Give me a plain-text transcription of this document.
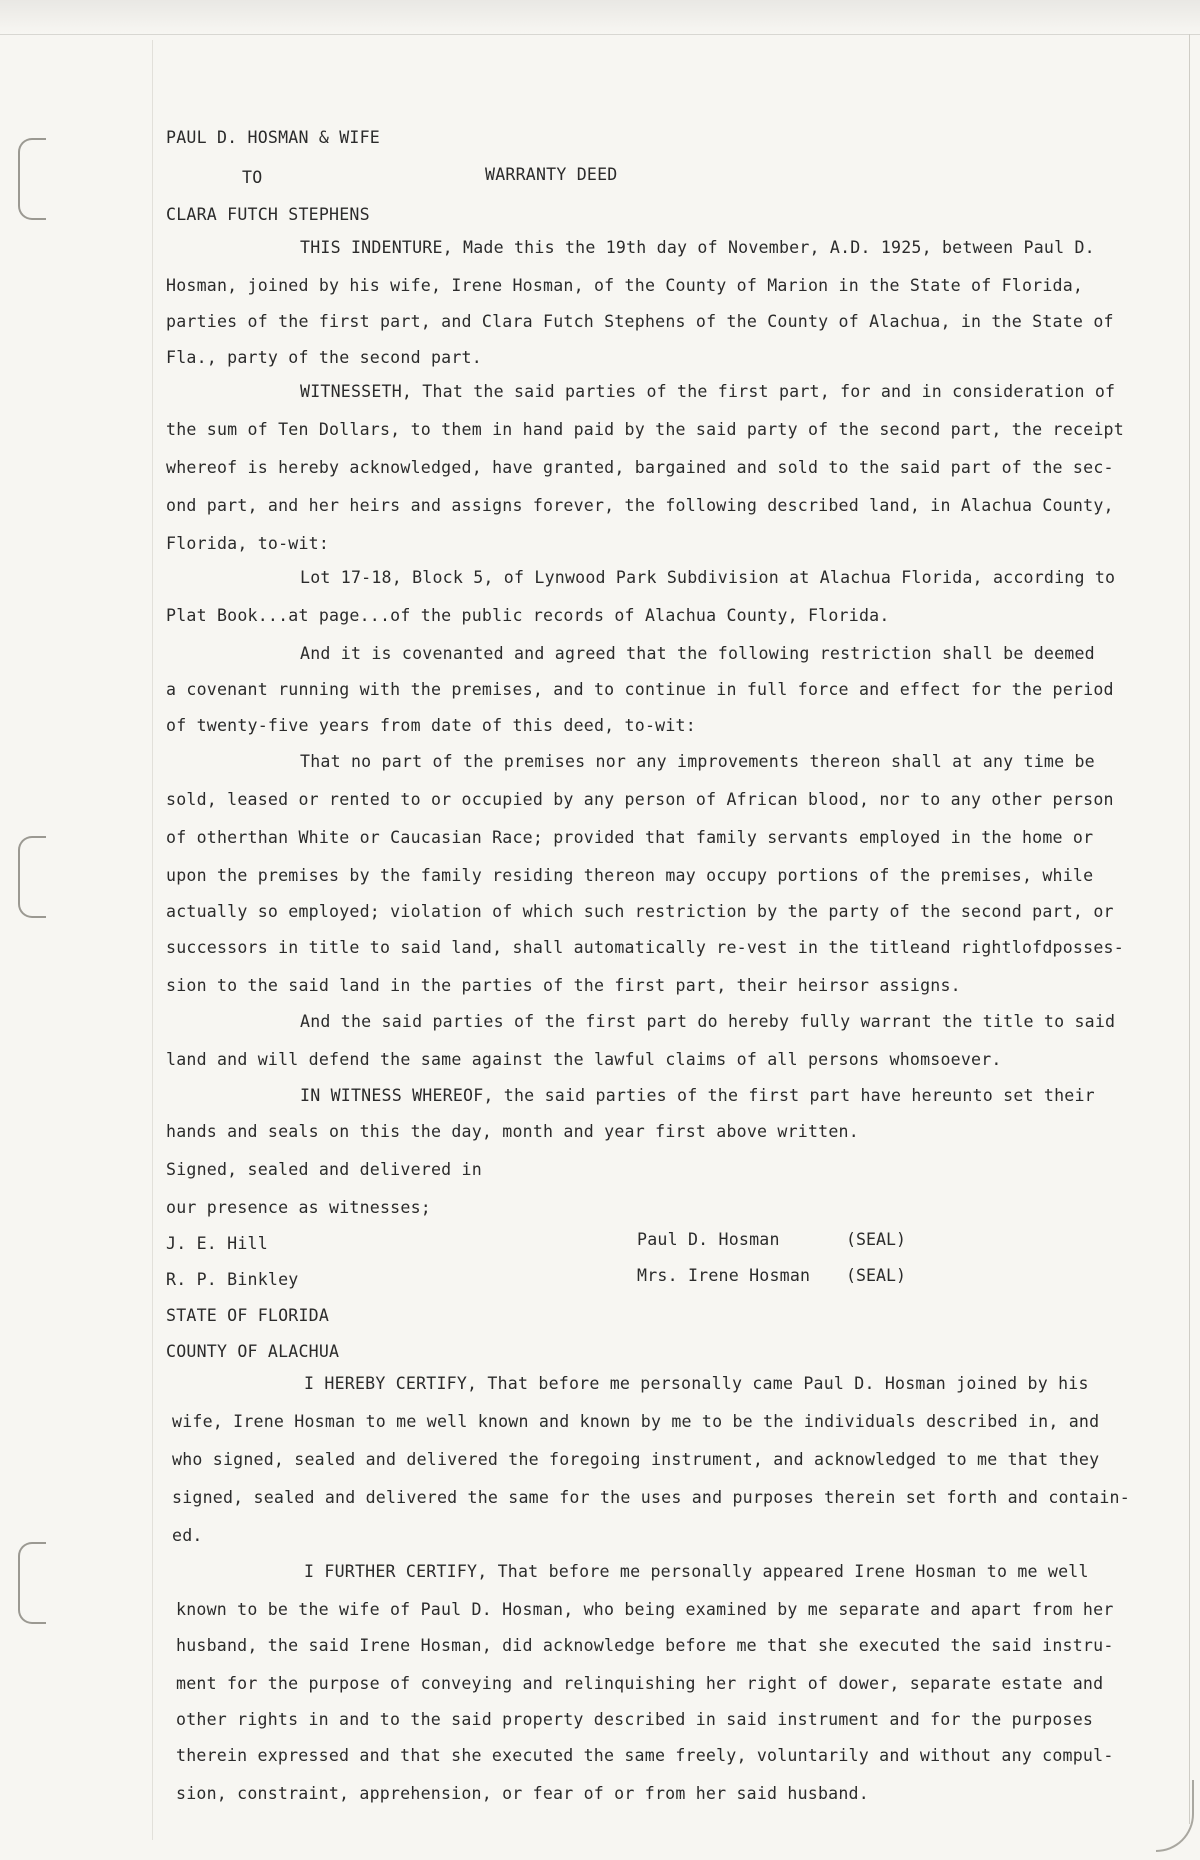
PAUL D. HOSMAN & WIFE
TO	WARRANTY DEED
CLARA FUTCH STEPHENS
THIS INDENTURE, Made this the 19th day of November, A.D. 1925, between Paul D.
Hosman, joined by his wife, Irene Hosman, of the County of Marion in the State of Florida,
parties of the first part, and Clara Futch Stephens of the County of Alachua, in the State of
Fla., party of the second part.
WITNESSETH, That the said parties of the first part, for and in consideration of
the sum of Ten Dollars, to them in hand paid by the said party of the second part, the receipt
whereof is hereby acknowledged, have granted, bargained and sold to the said part of the sec-
ond part, and her heirs and assigns forever, the following described land, in Alachua County,
Florida, to-wit:
Lot 17-18, Block 5, of Lynwood Park Subdivision at Alachua Florida, according to
Plat Book...at page...of the public records of Alachua County, Florida.
And it is covenanted and agreed that the following restriction shall be deemed
a covenant running with the premises, and to continue in full force and effect for the period
of twenty-five years from date of this deed, to-wit:
That no part of the premises nor any improvements thereon shall at any time be
sold, leased or rented to or occupied by any person of African blood, nor to any other person
of otherthan White or Caucasian Race; provided that family servants employed in the home or
upon the premises by the family residing thereon may occupy portions of the premises, while
actually so employed; violation of which such restriction by the party of the second part, or
successors in title to said land, shall automatically re-vest in the titleand rightlofdposses-
sion to the said land in the parties of the first part, their heirsor assigns.
And the said parties of the first part do hereby fully warrant the title to said
land and will defend the same against the lawful claims of all persons whomsoever.
IN WITNESS WHEREOF, the said parties of the first part have hereunto set their
hands and seals on this the day, month and year first above written.
Signed, sealed and delivered in
our presence as witnesses;
J. E. Hill
R. P. Binkley
Paul D. Hosman	(SEAL)
Mrs. Irene Hosman (SEAL)
STATE OF FLORIDA
COUNTY OF ALACHUA
I HEREBY CERTIFY, That before me personally came Paul D. Hosman joined by his
wife, Irene Hosman to me well known and known by me to be the individuals described in, and
who signed, sealed and delivered the foregoing instrument, and acknowledged to me that they
signed, sealed and delivered the same for the uses and purposes therein set forth and contain-
ed.
I FURTHER CERTIFY, That before me personally appeared Irene Hosman to me well
known to be the wife of Paul D. Hosman, who being examined by me separate and apart from her
husband, the said Irene Hosman, did acknowledge before me that she executed the said instru-
ment for the purpose of conveying and relinquishing her right of dower, separate estate and
other rights in and to the said property described in said instrument and for the purposes
therein expressed and that she executed the same freely, voluntarily and without any compul-
sion, constraint, apprehension, or fear of or from her said husband.
